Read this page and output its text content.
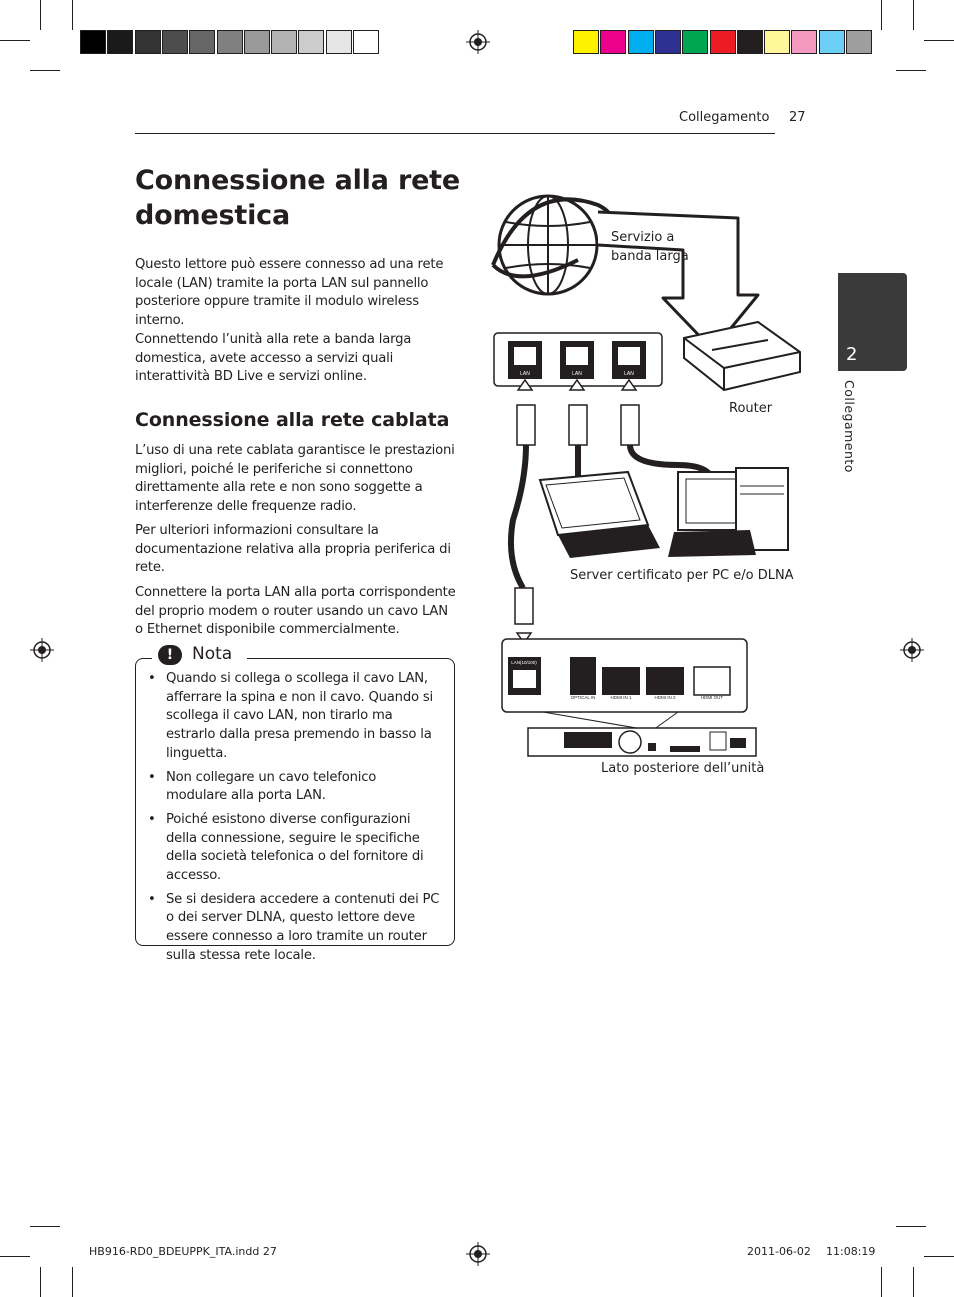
Collegamento 27
2
Collegamento
Connessione alla rete domestica

Questo lettore può essere connesso ad una rete locale (LAN) tramite la porta LAN sul pannello posteriore oppure tramite il modulo wireless interno.

Connettendo l’unità alla rete a banda larga domestica, avete accesso a servizi quali interattività BD Live e servizi online.

Connessione alla rete cablata

L’uso di una rete cablata garantisce le prestazioni migliori, poiché le periferiche si connettono direttamente alla rete e non sono soggette a interferenze delle frequenze radio.

Per ulteriori informazioni consultare la documentazione relativa alla propria periferica di rete.

Connettere la porta LAN alla porta corrispondente del proprio modem o router usando un cavo LAN o Ethernet disponibile commercialmente.

!	Nota
• Quando si collega o scollega il cavo LAN, afferrare la spina e non il cavo. Quando si scollega il cavo LAN, non tirarlo ma estrarlo dalla presa premendo in basso la linguetta.
• Non collegare un cavo telefonico modulare alla porta LAN.
• Poiché esistono diverse configurazioni della connessione, seguire le specifiche della società telefonica o del fornitore di accesso.
• Se si desidera accedere a contenuti dei PC o dei server DLNA, questo lettore deve essere connesso a loro tramite un router sulla stessa rete locale.
LAN	LAN	LAN
LAN(10/100)
OPTICAL IN	HDMI IN 1	HDMI IN 2	HDMI OUT
Servizio a banda larga
Router
Server certificato per PC e/o DLNA
Lato posteriore dell’unità
HB916-RD0_BDEUPPK_ITA.indd 27	2011-06-02 11:08:19
